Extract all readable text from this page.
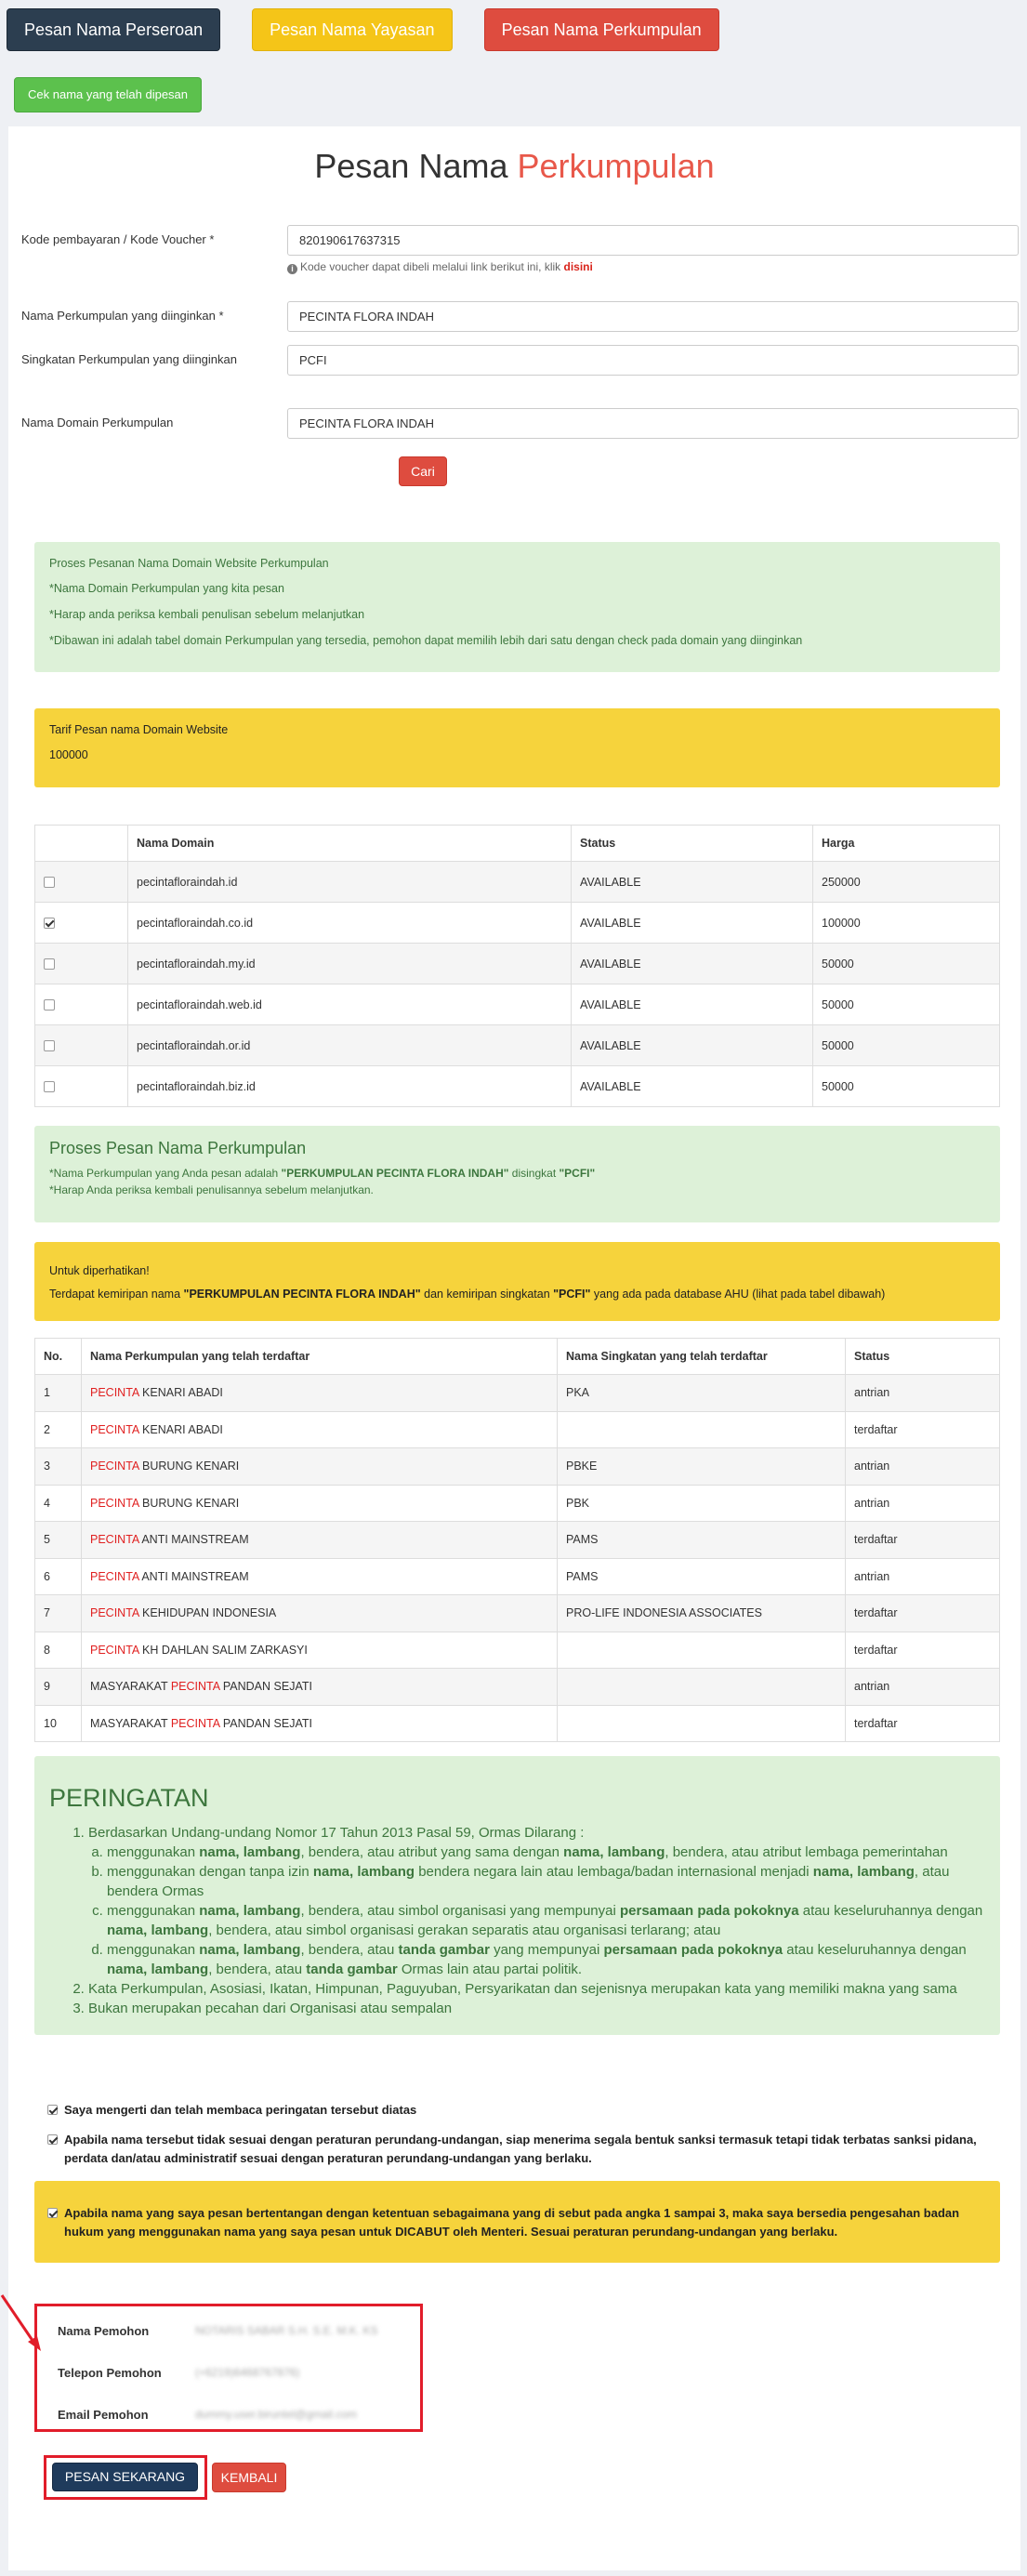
Pesan Nama Perseroan	Pesan Nama Yayasan	Pesan Nama Perkumpulan
Cek nama yang telah dipesan
Pesan Nama Perkumpulan
Kode pembayaran / Kode Voucher *
820190617637315
i Kode voucher dapat dibeli melalui link berikut ini, klik disini
Nama Perkumpulan yang diinginkan *
PECINTA FLORA INDAH
Singkatan Perkumpulan yang diinginkan
PCFI
Nama Domain Perkumpulan
PECINTA FLORA INDAH
Cari

Proses Pesanan Nama Domain Website Perkumpulan

*Nama Domain Perkumpulan yang kita pesan

*Harap anda periksa kembali penulisan sebelum melanjutkan

*Dibawan ini adalah tabel domain Perkumpulan yang tersedia, pemohon dapat memilih lebih dari satu dengan check pada domain yang diinginkan

Tarif Pesan nama Domain Website

100000

	Nama Domain	Status	Harga
	pecintafloraindah.id	AVAILABLE	250000
	pecintafloraindah.co.id	AVAILABLE	100000
	pecintafloraindah.my.id	AVAILABLE	50000
	pecintafloraindah.web.id	AVAILABLE	50000
	pecintafloraindah.or.id	AVAILABLE	50000
	pecintafloraindah.biz.id	AVAILABLE	50000

Proses Pesan Nama Perkumpulan

*Nama Perkumpulan yang Anda pesan adalah "PERKUMPULAN PECINTA FLORA INDAH" disingkat "PCFI"

*Harap Anda periksa kembali penulisannya sebelum melanjutkan.

Untuk diperhatikan!

Terdapat kemiripan nama "PERKUMPULAN PECINTA FLORA INDAH" dan kemiripan singkatan "PCFI" yang ada pada database AHU (lihat pada tabel dibawah)

No.	Nama Perkumpulan yang telah terdaftar	Nama Singkatan yang telah terdaftar	Status
1	PECINTA KENARI ABADI	PKA	antrian
2	PECINTA KENARI ABADI		terdaftar
3	PECINTA BURUNG KENARI	PBKE	antrian
4	PECINTA BURUNG KENARI	PBK	antrian
5	PECINTA ANTI MAINSTREAM	PAMS	terdaftar
6	PECINTA ANTI MAINSTREAM	PAMS	antrian
7	PECINTA KEHIDUPAN INDONESIA	PRO-LIFE INDONESIA ASSOCIATES	terdaftar
8	PECINTA KH DAHLAN SALIM ZARKASYI		terdaftar
9	MASYARAKAT PECINTA PANDAN SEJATI		antrian
10	MASYARAKAT PECINTA PANDAN SEJATI		terdaftar
PERINGATAN
1. Berdasarkan Undang-undang Nomor 17 Tahun 2013 Pasal 59, Ormas Dilarang :
a. menggunakan nama, lambang, bendera, atau atribut yang sama dengan nama, lambang, bendera, atau atribut lembaga pemerintahan
b. menggunakan dengan tanpa izin nama, lambang bendera negara lain atau lembaga/badan internasional menjadi nama, lambang, atau bendera Ormas
c. menggunakan nama, lambang, bendera, atau simbol organisasi yang mempunyai persamaan pada pokoknya atau keseluruhannya dengan nama, lambang, bendera, atau simbol organisasi gerakan separatis atau organisasi terlarang; atau
d. menggunakan nama, lambang, bendera, atau tanda gambar yang mempunyai persamaan pada pokoknya atau keseluruhannya dengan nama, lambang, bendera, atau tanda gambar Ormas lain atau partai politik.
2. Kata Perkumpulan, Asosiasi, Ikatan, Himpunan, Paguyuban, Persyarikatan dan sejenisnya merupakan kata yang memiliki makna yang sama
3. Bukan merupakan pecahan dari Organisasi atau sempalan
Saya mengerti dan telah membaca peringatan tersebut diatas
Apabila nama tersebut tidak sesuai dengan peraturan perundang-undangan, siap menerima segala bentuk sanksi termasuk tetapi tidak terbatas sanksi pidana, perdata dan/atau administratif sesuai dengan peraturan perundang-undangan yang berlaku.
Apabila nama yang saya pesan bertentangan dengan ketentuan sebagaimana yang di sebut pada angka 1 sampai 3, maka saya bersedia pengesahan badan hukum yang menggunakan nama yang saya pesan untuk DICABUT oleh Menteri. Sesuai peraturan perundang-undangan yang berlaku.
Nama Pemohon	NOTARIS SABAR S.H. S.E. M.K. KS
Telepon Pemohon	(+6219)6468767876)
Email Pemohon	dummy.user.biruntel@gmail.com
PESAN SEKARANG	KEMBALI
